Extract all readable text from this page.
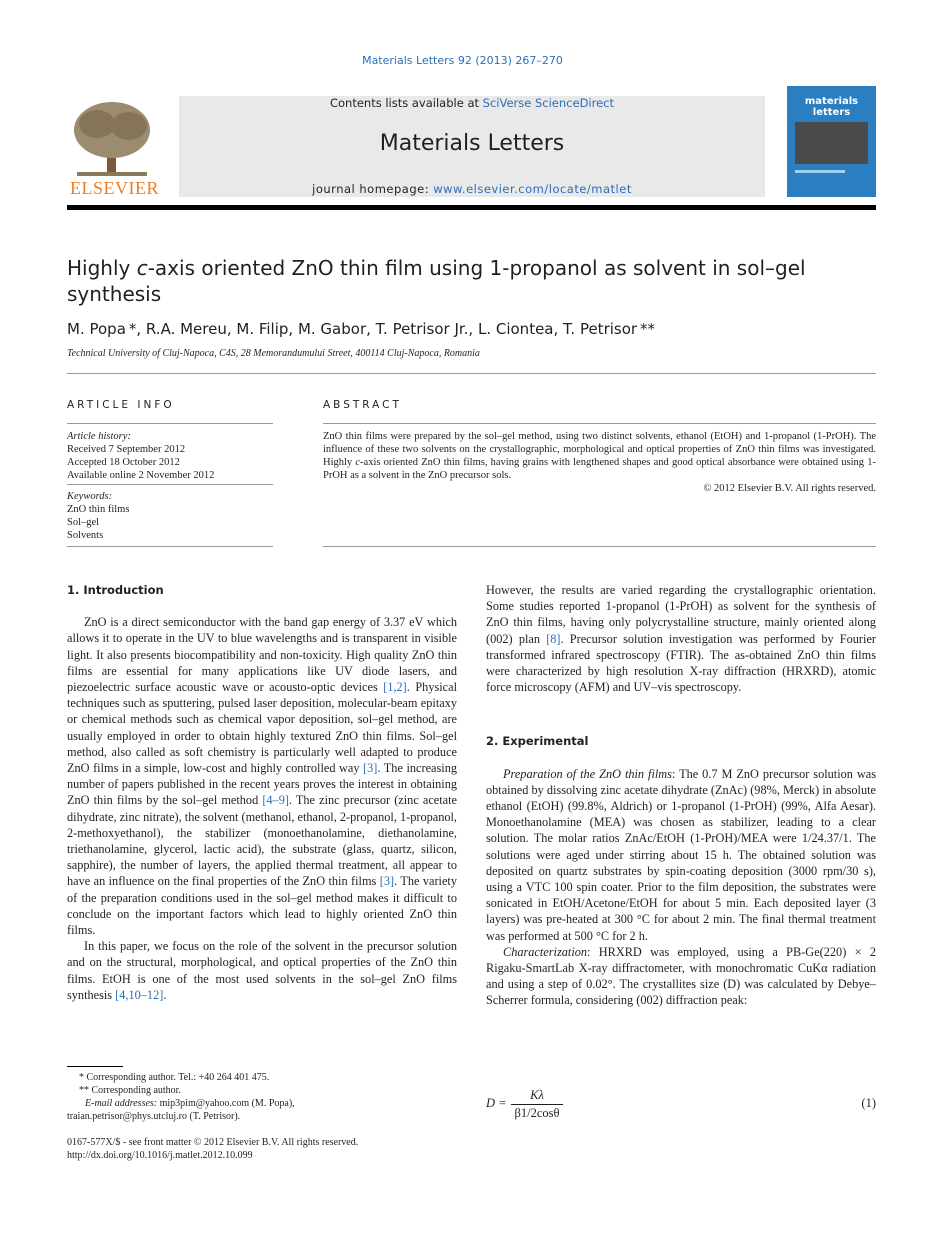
Materials Letters 92 (2013) 267–270
ELSEVIER
Contents lists available at SciVerse ScienceDirect
Materials Letters
journal homepage: www.elsevier.com/locate/matlet
materials letters
Highly c-axis oriented ZnO thin film using 1-propanol as solvent in sol–gel synthesis
M. Popa *, R.A. Mereu, M. Filip, M. Gabor, T. Petrisor Jr., L. Ciontea, T. Petrisor **
Technical University of Cluj-Napoca, C4S, 28 Memorandumului Street, 400114 Cluj-Napoca, Romania
ARTICLE INFO	ABSTRACT
Article history:
Received 7 September 2012
Accepted 18 October 2012
Available online 2 November 2012
Keywords:
ZnO thin films
Sol–gel
Solvents
ZnO thin films were prepared by the sol–gel method, using two distinct solvents, ethanol (EtOH) and 1-propanol (1-PrOH). The influence of these two solvents on the crystallographic, morphological and optical properties of ZnO thin films was investigated. Highly c-axis oriented ZnO thin films, having grains with lengthened shapes and good optical absorbance were obtained using 1-PrOH as a solvent in the ZnO precursor sols.
© 2012 Elsevier B.V. All rights reserved.
1. Introduction

ZnO is a direct semiconductor with the band gap energy of 3.37 eV which allows it to operate in the UV to blue wavelengths and is transparent in visible light. It also presents biocompatibility and non-toxicity. High quality ZnO thin films are essential for many applications like UV diode lasers, and piezoelectric surface acoustic wave or acousto-optic devices [1,2]. Physical techniques such as sputtering, pulsed laser deposition, molecular-beam epitaxy or chemical methods such as chemical vapor deposition, sol–gel method, are usually employed in order to obtain highly textured ZnO thin films. Sol–gel method, also called as soft chemistry is particularly well adapted to produce ZnO films in a simple, low-cost and highly controlled way [3]. The increasing number of papers published in the recent years proves the interest in obtaining ZnO thin films by the sol–gel method [4–9]. The zinc precursor (zinc acetate dihydrate, zinc nitrate), the solvent (methanol, ethanol, 2-propanol, 1-propanol, 2-methoxyethanol), the stabilizer (monoethanolamine, diethanolamine, triethanolamine, glycerol, lactic acid), the substrate (glass, quartz, silicon, sapphire), the number of layers, the applied thermal treatment, all appear to have an influence on the final properties of the ZnO thin films [3]. The variety of the preparation conditions used in the sol–gel method makes it difficult to conclude on the important factors which lead to highly oriented ZnO thin films.

In this paper, we focus on the role of the solvent in the precursor solution and on the structural, morphological, and optical properties of the ZnO thin films. EtOH is one of the most used solvents in the sol–gel ZnO films synthesis [4,10–12].

* Corresponding author. Tel.: +40 264 401 475.
** Corresponding author.
E-mail addresses: mip3pim@yahoo.com (M. Popa),
traian.petrisor@phys.utcluj.ro (T. Petrisor).
0167-577X/$ - see front matter © 2012 Elsevier B.V. All rights reserved.
http://dx.doi.org/10.1016/j.matlet.2012.10.099

However, the results are varied regarding the crystallographic orientation. Some studies reported 1-propanol (1-PrOH) as solvent for the synthesis of ZnO thin films, having only polycrystalline structure, mainly oriented along (002) plan [8]. Precursor solution investigation was performed by Fourier transformed infrared spectroscopy (FTIR). The as-obtained ZnO thin films were characterized by high resolution X-ray diffraction (HRXRD), atomic force microscopy (AFM) and UV–vis spectroscopy.

2. Experimental

Preparation of the ZnO thin films: The 0.7 M ZnO precursor solution was obtained by dissolving zinc acetate dihydrate (ZnAc) (98%, Merck) in absolute ethanol (EtOH) (99.8%, Aldrich) or 1-propanol (1-PrOH) (99%, Alfa Aesar). Monoethanolamine (MEA) was chosen as stabilizer, leading to a clear solution. The molar ratios ZnAc/EtOH (1-PrOH)/MEA were 1/24.37/1. The solutions were aged under stirring about 15 h. The obtained solution was deposited on quartz substrates by spin-coating deposition (3000 rpm/30 s), using a VTC 100 spin coater. Prior to the film deposition, the substrates were sonicated in EtOH/Acetone/EtOH for about 5 min. Each deposited layer (3 layers) was pre-heated at 300 °C for about 2 min. The final thermal treatment was performed at 500 °C for 2 h.

Characterization: HRXRD was employed, using a PB-Ge(220) × 2 Rigaku-SmartLab X-ray diffractometer, with monochromatic CuKα radiation and using a step of 0.02°. The crystallites size (D) was calculated by Debye–Scherrer formula, considering (002) diffraction peak:

$D = \frac{K\lambda}{\beta 1/2\cos\theta}$	(1)
